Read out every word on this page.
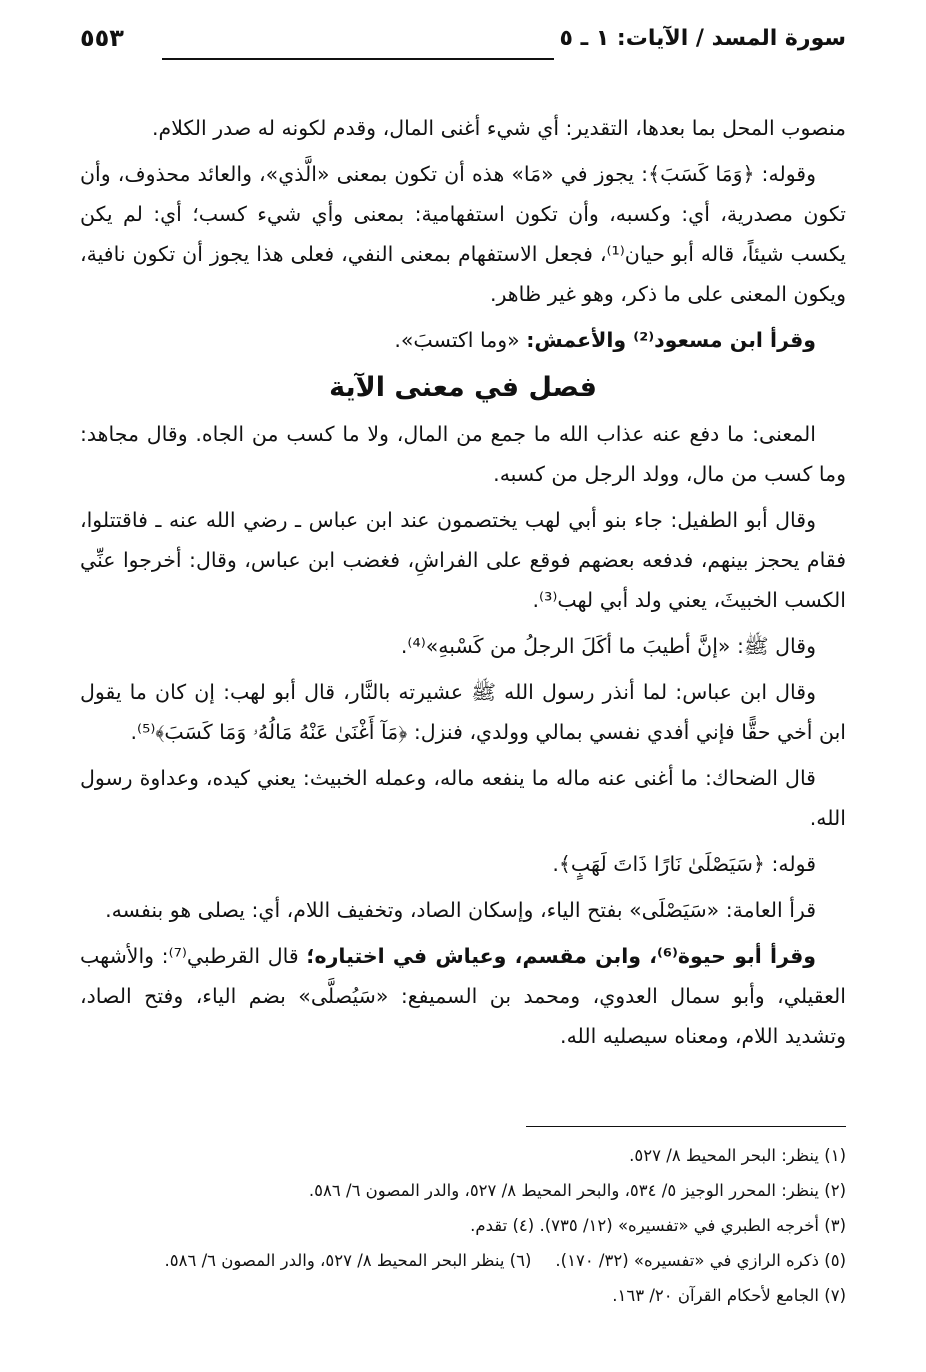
سورة المسد / الآيات: ١ ـ ٥
٥٥٣

منصوب المحل بما بعدها، التقدير: أي شيء أغنى المال، وقدم لكونه له صدر الكلام.

وقوله: ﴿وَمَا كَسَبَ﴾: يجوز في «مَا» هذه أن تكون بمعنى «الَّذي»، والعائد محذوف، وأن تكون مصدرية، أي: وكسبه، وأن تكون استفهامية: بمعنى وأي شيء كسب؛ أي: لم يكن يكسب شيئاً، قاله أبو حيان⁽¹⁾، فجعل الاستفهام بمعنى النفي، فعلى هذا يجوز أن تكون نافية، ويكون المعنى على ما ذكر، وهو غير ظاهر.

وقرأ ابن مسعود⁽²⁾ والأعمش: «وما اكتسبَ».

فصل في معنى الآية

المعنى: ما دفع عنه عذاب الله ما جمع من المال، ولا ما كسب من الجاه. وقال مجاهد: وما كسب من مال، وولد الرجل من كسبه.

وقال أبو الطفيل: جاء بنو أبي لهب يختصمون عند ابن عباس ـ رضي الله عنه ـ فاقتتلوا، فقام يحجز بينهم، فدفعه بعضهم فوقع على الفراشِ، فغضب ابن عباس، وقال: أخرجوا عنِّي الكسب الخبيثَ، يعني ولد أبي لهب⁽³⁾.

وقال ﷺ: «إنَّ أطيبَ ما أكَلَ الرجلُ من كَسْبهِ»⁽⁴⁾.

وقال ابن عباس: لما أنذر رسول الله ﷺ عشيرته بالنَّار، قال أبو لهب: إن كان ما يقول ابن أخي حقًّا فإني أفدي نفسي بمالي وولدي، فنزل: ﴿مَآ أَغْنَىٰ عَنْهُ مَالُهُۥ وَمَا كَسَبَ﴾⁽⁵⁾.

قال الضحاك: ما أغنى عنه ماله ما ينفعه ماله، وعمله الخبيث: يعني كيده، وعداوة رسول الله.

قوله: ﴿سَيَصْلَىٰ نَارًا ذَاتَ لَهَبٍ﴾.

قرأ العامة: «سَيَصْلَى» بفتح الياء، وإسكان الصاد، وتخفيف اللام، أي: يصلى هو بنفسه.

وقرأ أبو حيوة⁽⁶⁾، وابن مقسم، وعياش في اختياره؛ قال القرطبي⁽⁷⁾: والأشهب العقيلي، وأبو سمال العدوي، ومحمد بن السميفع: «سَيُصلَّى» بضم الياء، وفتح الصاد، وتشديد اللام، ومعناه سيصليه الله.

(١) ينظر: البحر المحيط ٨/ ٥٢٧.
(٢) ينظر: المحرر الوجيز ٥/ ٥٣٤، والبحر المحيط ٨/ ٥٢٧، والدر المصون ٦/ ٥٨٦.
(٣) أخرجه الطبري في «تفسيره» (١٢/ ٧٣٥). (٤) تقدم.
(٥) ذكره الرازي في «تفسيره» (٣٢/ ١٧٠).
(٦) ينظر البحر المحيط ٨/ ٥٢٧، والدر المصون ٦/ ٥٨٦.
(٧) الجامع لأحكام القرآن ٢٠/ ١٦٣.
